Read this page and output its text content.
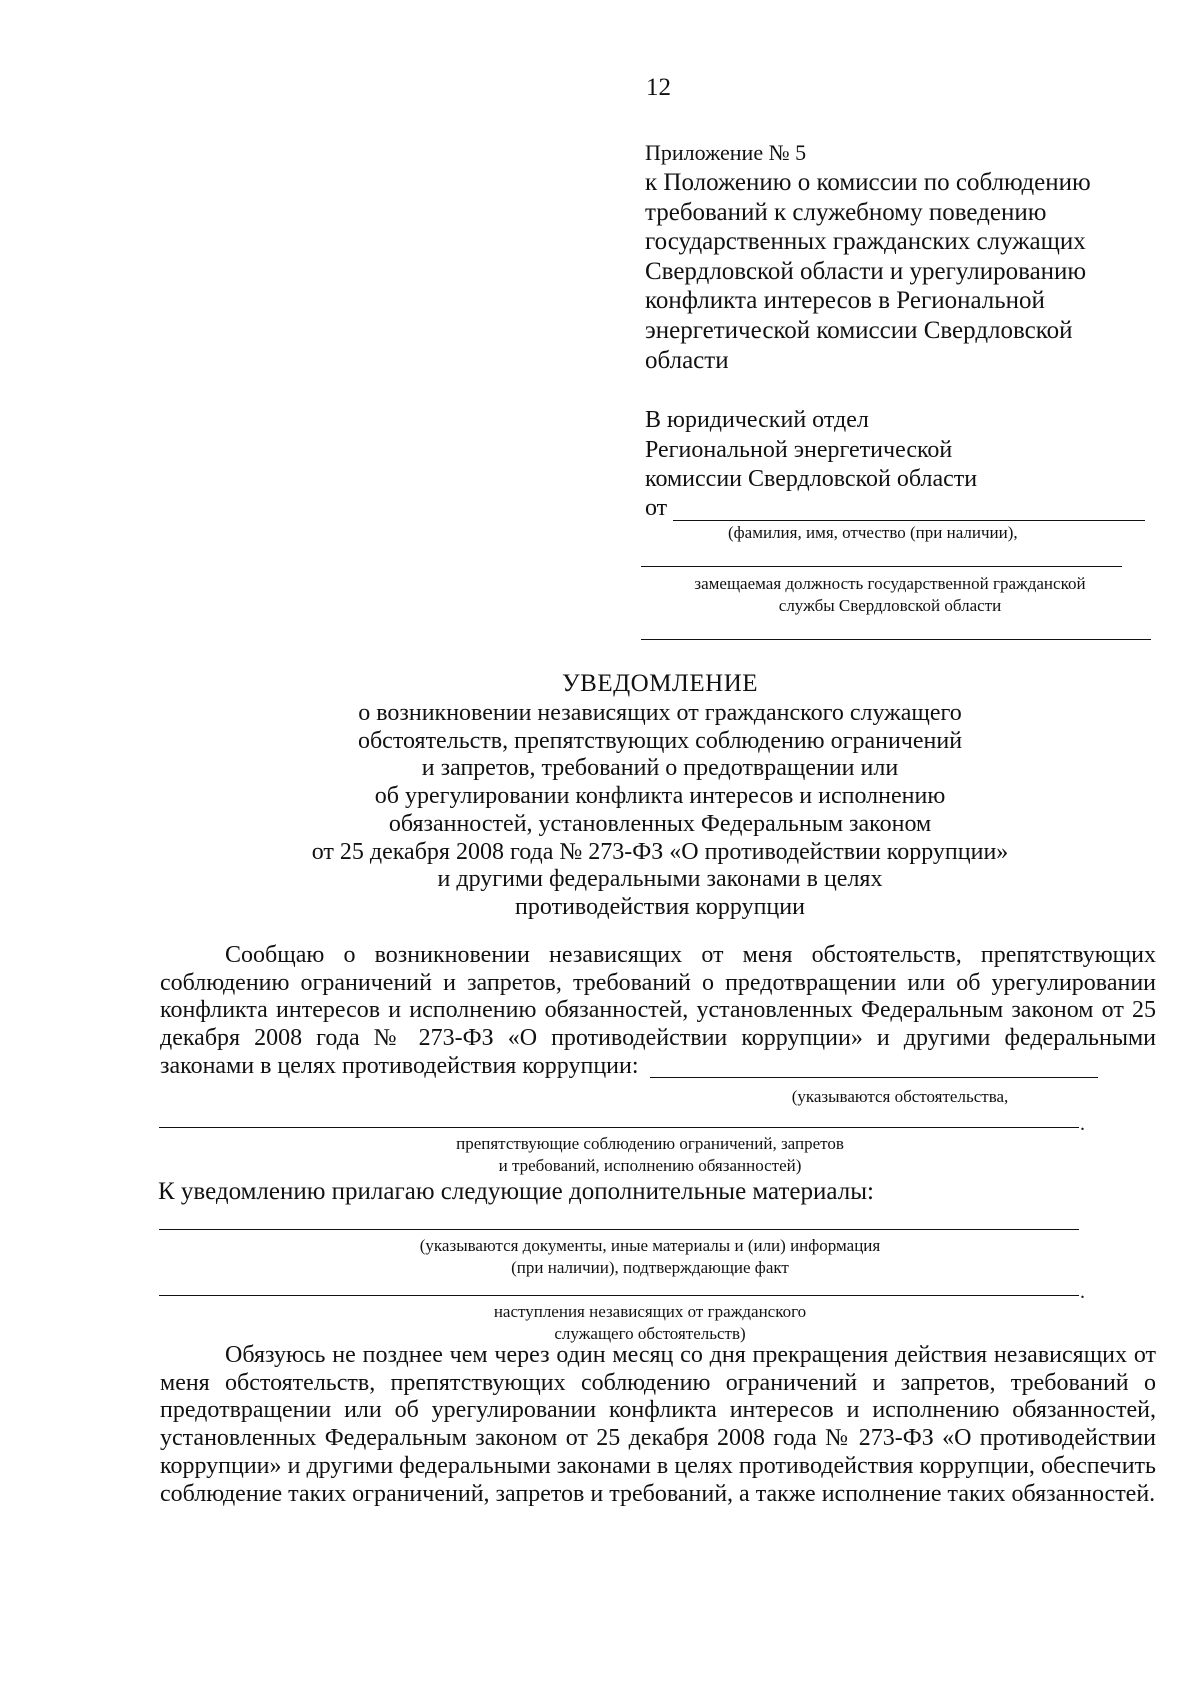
12
Приложение № 5
к Положению о комиссии по соблюдению
требований к служебному поведению
государственных гражданских служащих
Свердловской области и урегулированию
конфликта интересов в Региональной
энергетической комиссии Свердловской
области
В юридический отдел
Региональной энергетической
комиссии Свердловской области
от
(фамилия, имя, отчество (при наличии),
замещаемая должность государственной гражданской
службы Свердловской области
УВЕДОМЛЕНИЕ
о возникновении независящих от гражданского служащего
обстоятельств, препятствующих соблюдению ограничений
и запретов, требований о предотвращении или
об урегулировании конфликта интересов и исполнению
обязанностей, установленных Федеральным законом
от 25 декабря 2008 года № 273-ФЗ «О противодействии коррупции»
и другими федеральными законами в целях
противодействия коррупции
Сообщаю о возникновении независящих от меня обстоятельств, препятствующих соблюдению ограничений и запретов, требований о предотвращении или об урегулировании конфликта интересов и исполнению обязанностей, установленных Федеральным законом от 25 декабря 2008 года № 273-ФЗ «О противодействии коррупции» и другими федеральными законами в целях противодействия коррупции:
(указываются обстоятельства,
.
препятствующие соблюдению ограничений, запретов
и требований, исполнению обязанностей)
К уведомлению прилагаю следующие дополнительные материалы:
(указываются документы, иные материалы и (или) информация
(при наличии), подтверждающие факт
.
наступления независящих от гражданского
служащего обстоятельств)
Обязуюсь не позднее чем через один месяц со дня прекращения действия независящих от меня обстоятельств, препятствующих соблюдению ограничений и запретов, требований о предотвращении или об урегулировании конфликта интересов и исполнению обязанностей, установленных Федеральным законом от 25 декабря 2008 года № 273-ФЗ «О противодействии коррупции» и другими федеральными законами в целях противодействия коррупции, обеспечить соблюдение таких ограничений, запретов и требований, а также исполнение таких обязанностей.
